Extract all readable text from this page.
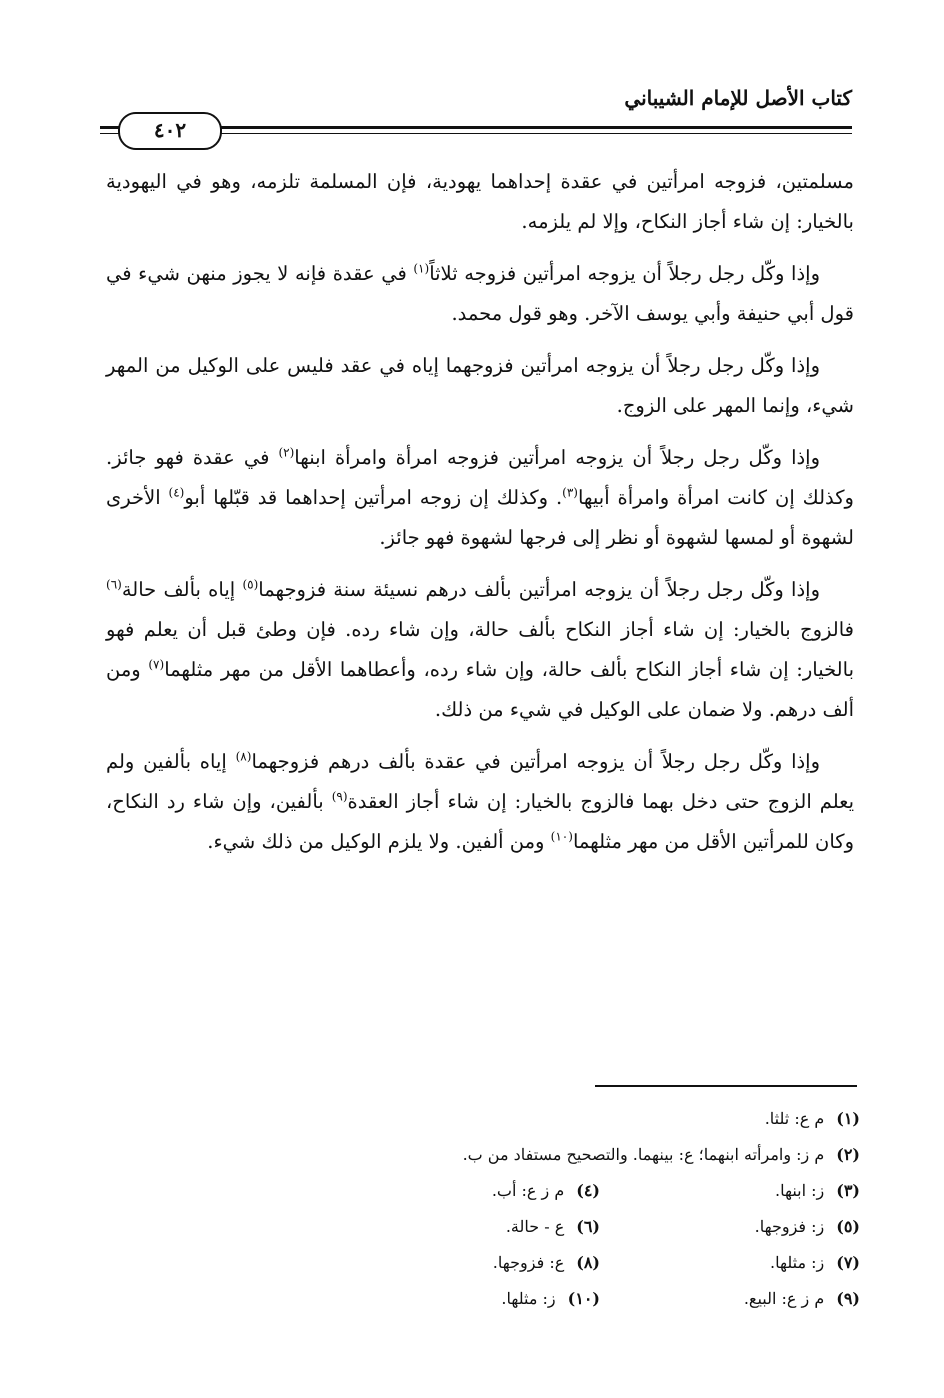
كتاب الأصل للإمام الشيباني
٤٠٢

مسلمتين، فزوجه امرأتين في عقدة إحداهما يهودية، فإن المسلمة تلزمه، وهو في اليهودية بالخيار: إن شاء أجاز النكاح، وإلا لم يلزمه.

وإذا وكّل رجل رجلاً أن يزوجه امرأتين فزوجه ثلاثاً$^{(١)}$ في عقدة فإنه لا يجوز منهن شيء في قول أبي حنيفة وأبي يوسف الآخر. وهو قول محمد.

وإذا وكّل رجل رجلاً أن يزوجه امرأتين فزوجهما إياه في عقد فليس على الوكيل من المهر شيء، وإنما المهر على الزوج.

وإذا وكّل رجل رجلاً أن يزوجه امرأتين فزوجه امرأة وامرأة ابنها$^{(٢)}$ في عقدة فهو جائز. وكذلك إن كانت امرأة وامرأة أبيها$^{(٣)}$. وكذلك إن زوجه امرأتين إحداهما قد قبّلها أبو$^{(٤)}$ الأخرى لشهوة أو لمسها لشهوة أو نظر إلى فرجها لشهوة فهو جائز.

وإذا وكّل رجل رجلاً أن يزوجه امرأتين بألف درهم نسيئة سنة فزوجهما$^{(٥)}$ إياه بألف حالة$^{(٦)}$ فالزوج بالخيار: إن شاء أجاز النكاح بألف حالة، وإن شاء رده. فإن وطئ قبل أن يعلم فهو بالخيار: إن شاء أجاز النكاح بألف حالة، وإن شاء رده، وأعطاهما الأقل من مهر مثلهما$^{(٧)}$ ومن ألف درهم. ولا ضمان على الوكيل في شيء من ذلك.

وإذا وكّل رجل رجلاً أن يزوجه امرأتين في عقدة بألف درهم فزوجهما$^{(٨)}$ إياه بألفين ولم يعلم الزوج حتى دخل بهما فالزوج بالخيار: إن شاء أجاز العقدة$^{(٩)}$ بألفين، وإن شاء رد النكاح، وكان للمرأتين الأقل من مهر مثلهما$^{(١٠)}$ ومن ألفين. ولا يلزم الوكيل من ذلك شيء.

(١)م ع: ثلثا.
(٢)م ز: وامرأته ابنهما؛ ع: بينهما. والتصحيح مستفاد من ب.
(٣)ز: ابنها.
(٤)م ز ع: أب.
(٥)ز: فزوجها.
(٦)ع - حالة.
(٧)ز: مثلها.
(٨)ع: فزوجها.
(٩)م ز ع: البيع.
(١٠)ز: مثلها.
